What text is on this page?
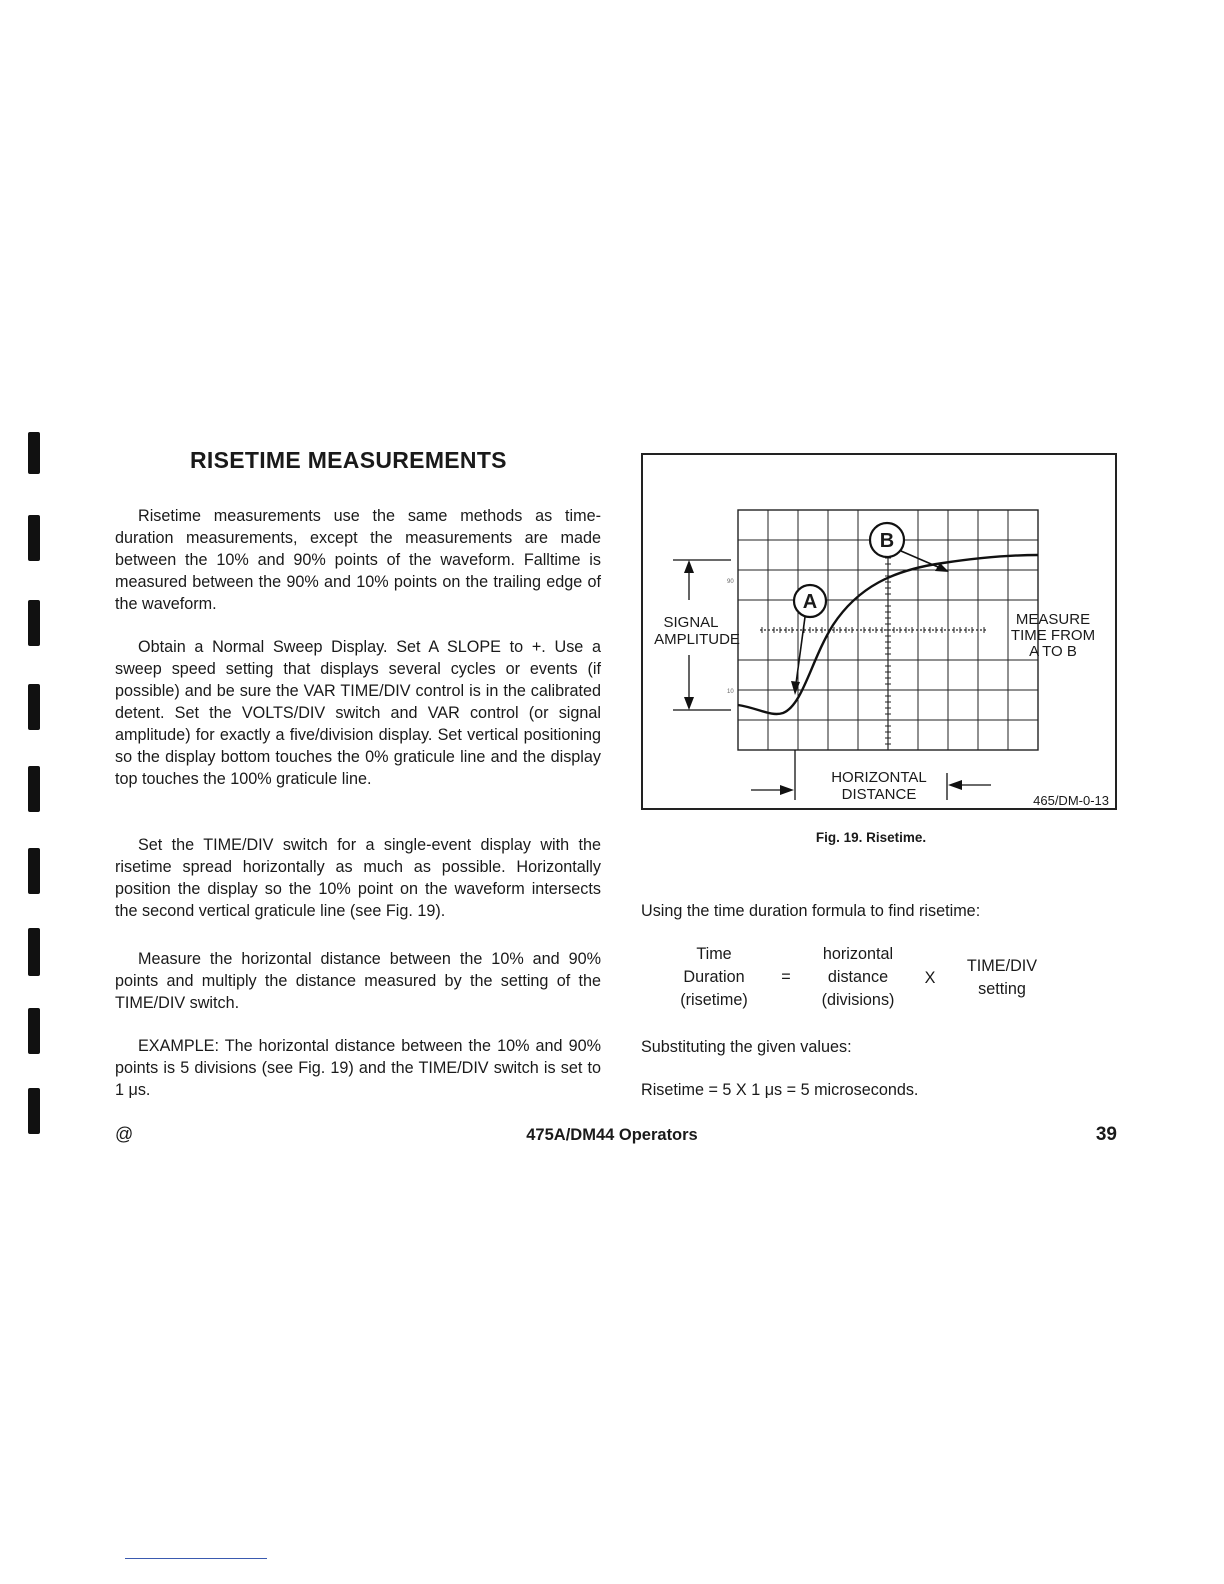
RISETIME MEASUREMENTS

Risetime measurements use the same methods as time-duration measurements, except the measurements are made between the 10% and 90% points of the waveform. Falltime is measured between the 90% and 10% points on the trailing edge of the waveform.

Obtain a Normal Sweep Display. Set A SLOPE to +. Use a sweep speed setting that displays several cycles or events (if possible) and be sure the VAR TIME/DIV control is in the calibrated detent. Set the VOLTS/DIV switch and VAR control (or signal amplitude) for exactly a five/division display. Set vertical positioning so the display bottom touches the 0% graticule line and the display top touches the 100% graticule line.

Set the TIME/DIV switch for a single-event display with the risetime spread horizontally as much as possible. Horizontally position the display so the 10% point on the waveform intersects the second vertical graticule line (see Fig. 19).

Measure the horizontal distance between the 10% and 90% points and multiply the distance measured by the setting of the TIME/DIV switch.

EXAMPLE: The horizontal distance between the 10% and 90% points is 5 divisions (see Fig. 19) and the TIME/DIV switch is set to 1 μs.

90
10
SIGNAL
AMPLITUDE
A
B
MEASURE
TIME FROM
A TO B
HORIZONTAL
DISTANCE	465/DM-0-13

Fig. 19. Risetime.

Using the time duration formula to find risetime:

Time
Duration
(risetime)
=
horizontal
distance
(divisions)
X
TIME/DIV
setting

Substituting the given values:

Risetime = 5 X 1 μs = 5 microseconds.

@	475A/DM44 Operators	39
